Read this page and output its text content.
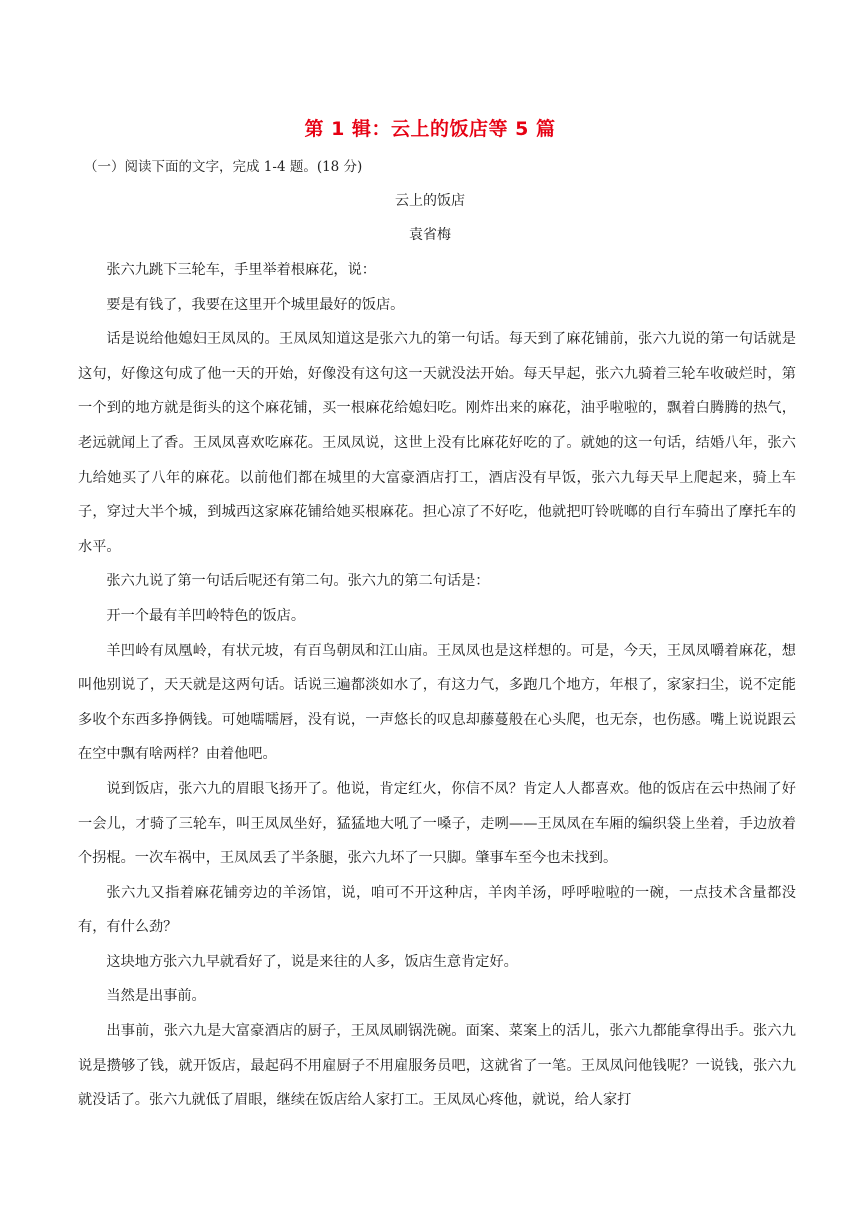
第 1 辑：云上的饭店等 5 篇
（一）阅读下面的文字，完成 1-4 题。(18 分)
云上的饭店
袁省梅

张六九跳下三轮车，手里举着根麻花，说：

要是有钱了，我要在这里开个城里最好的饭店。

话是说给他媳妇王凤凤的。王凤凤知道这是张六九的第一句话。每天到了麻花铺前，张六九说的第一句话就是这句，好像这句成了他一天的开始，好像没有这句这一天就没法开始。每天早起，张六九骑着三轮车收破烂时，第一个到的地方就是街头的这个麻花铺，买一根麻花给媳妇吃。刚炸出来的麻花，油乎啦啦的，飘着白腾腾的热气，老远就闻上了香。王凤凤喜欢吃麻花。王凤凤说，这世上没有比麻花好吃的了。就她的这一句话，结婚八年，张六九给她买了八年的麻花。以前他们都在城里的大富豪酒店打工，酒店没有早饭，张六九每天早上爬起来，骑上车子，穿过大半个城，到城西这家麻花铺给她买根麻花。担心凉了不好吃，他就把叮铃咣啷的自行车骑出了摩托车的水平。

张六九说了第一句话后呢还有第二句。张六九的第二句话是：

开一个最有羊凹岭特色的饭店。

羊凹岭有凤凰岭，有状元坡，有百鸟朝凤和江山庙。王凤凤也是这样想的。可是，今天，王凤凤嚼着麻花，想叫他别说了，天天就是这两句话。话说三遍都淡如水了，有这力气，多跑几个地方，年根了，家家扫尘，说不定能多收个东西多挣俩钱。可她嚅嚅唇，没有说，一声悠长的叹息却藤蔓般在心头爬，也无奈，也伤感。嘴上说说跟云在空中飘有啥两样？由着他吧。

说到饭店，张六九的眉眼飞扬开了。他说，肯定红火，你信不凤？肯定人人都喜欢。他的饭店在云中热闹了好一会儿，才骑了三轮车，叫王凤凤坐好，猛猛地大吼了一嗓子，走咧——王凤凤在车厢的编织袋上坐着，手边放着个拐棍。一次车祸中，王凤凤丢了半条腿，张六九坏了一只脚。肇事车至今也未找到。

张六九又指着麻花铺旁边的羊汤馆，说，咱可不开这种店，羊肉羊汤，呼呼啦啦的一碗，一点技术含量都没有，有什么劲？

这块地方张六九早就看好了，说是来往的人多，饭店生意肯定好。

当然是出事前。

出事前，张六九是大富豪酒店的厨子，王凤凤刷锅洗碗。面案、菜案上的活儿，张六九都能拿得出手。张六九说是攒够了钱，就开饭店，最起码不用雇厨子不用雇服务员吧，这就省了一笔。王凤凤问他钱呢？一说钱，张六九就没话了。张六九就低了眉眼，继续在饭店给人家打工。王凤凤心疼他，就说，给人家打
